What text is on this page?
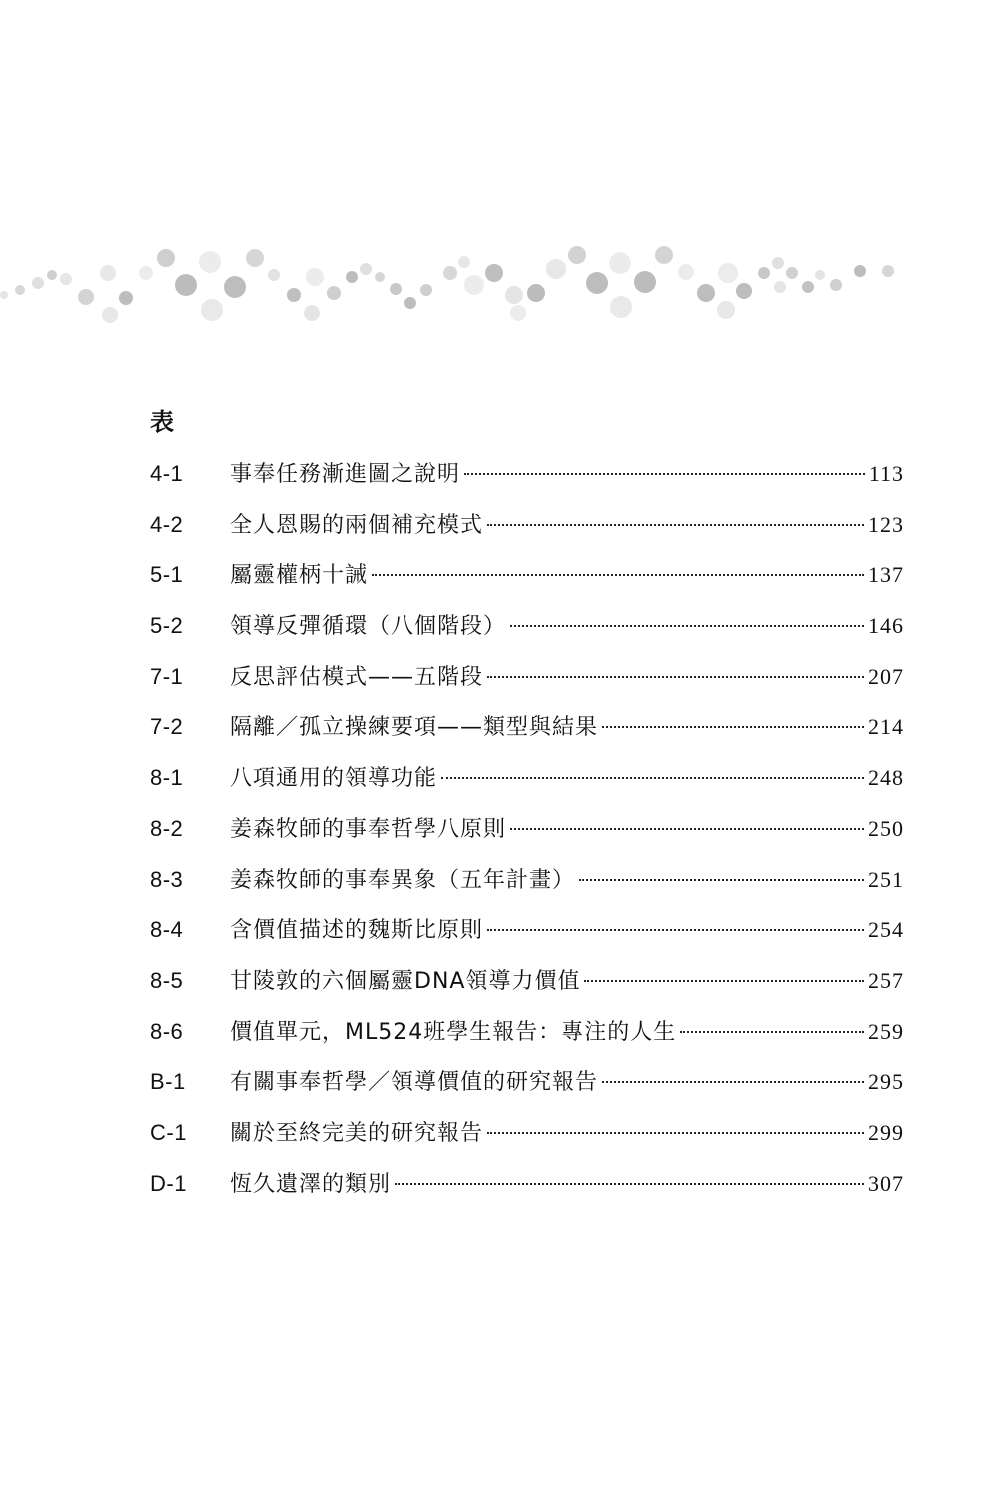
表
4-1	事奉任務漸進圖之說明	113
4-2	全人恩賜的兩個補充模式	123
5-1	屬靈權柄十誡	137
5-2	領導反彈循環（八個階段）	146
7-1	反思評估模式——五階段	207
7-2	隔離／孤立操練要項——類型與結果	214
8-1	八項通用的領導功能	248
8-2	姜森牧師的事奉哲學八原則	250
8-3	姜森牧師的事奉異象（五年計畫）	251
8-4	含價值描述的魏斯比原則	254
8-5	甘陵敦的六個屬靈DNA領導力價值	257
8-6	價值單元，ML524班學生報告：專注的人生	259
B-1	有關事奉哲學／領導價值的研究報告	295
C-1	關於至終完美的研究報告	299
D-1	恆久遺澤的類別	307
